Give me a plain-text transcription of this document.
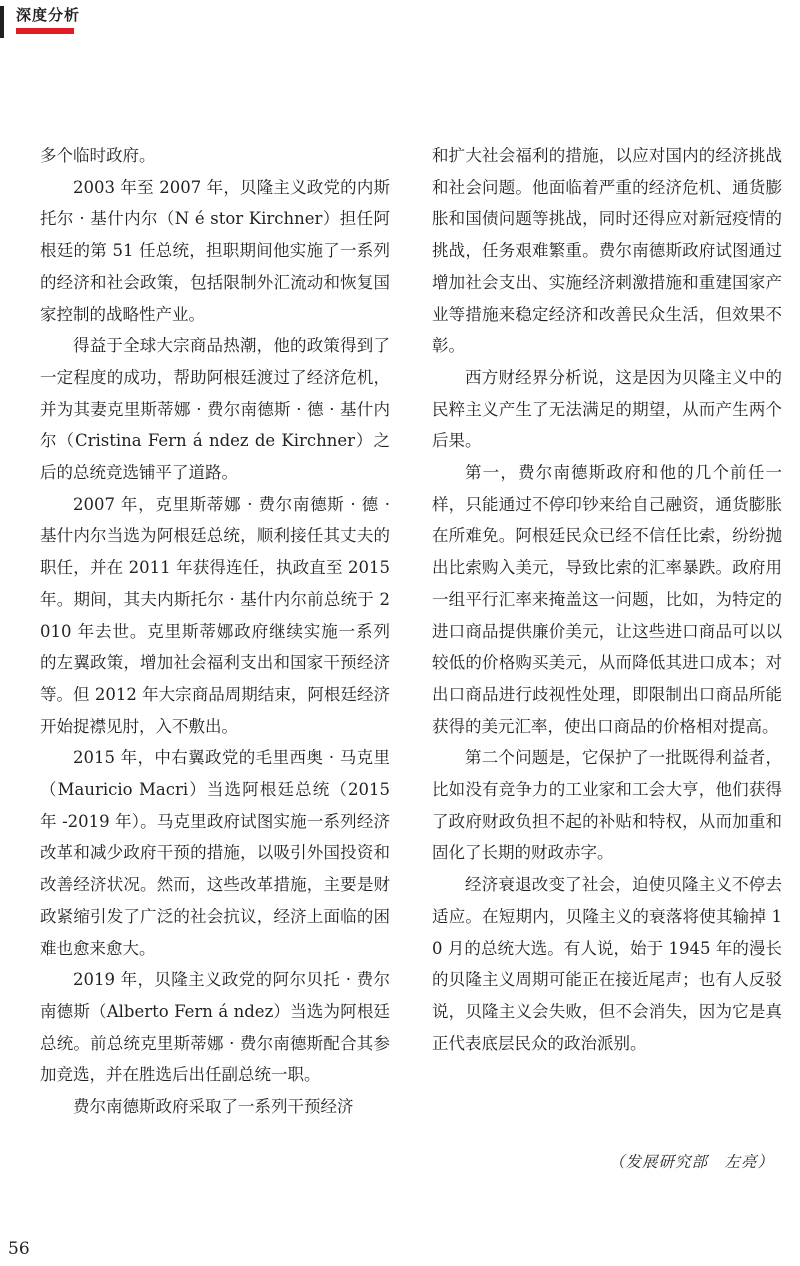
深度分析

多个临时政府。

2003 年至 2007 年，贝隆主义政党的内斯托尔 · 基什内尔（N é stor Kirchner）担任阿根廷的第 51 任总统，担职期间他实施了一系列的经济和社会政策，包括限制外汇流动和恢复国家控制的战略性产业。

得益于全球大宗商品热潮，他的政策得到了一定程度的成功，帮助阿根廷渡过了经济危机，并为其妻克里斯蒂娜 · 费尔南德斯 · 德 · 基什内尔（Cristina Fern á ndez de Kirchner）之后的总统竞选铺平了道路。

2007 年，克里斯蒂娜 · 费尔南德斯 · 德 · 基什内尔当选为阿根廷总统，顺利接任其丈夫的职任，并在 2011 年获得连任，执政直至 2015 年。期间，其夫内斯托尔 · 基什内尔前总统于 2010 年去世。克里斯蒂娜政府继续实施一系列的左翼政策，增加社会福利支出和国家干预经济等。但 2012 年大宗商品周期结束，阿根廷经济开始捉襟见肘，入不敷出。

2015 年，中右翼政党的毛里西奥 · 马克里（Mauricio Macri）当选阿根廷总统（2015 年 -2019 年）。马克里政府试图实施一系列经济改革和减少政府干预的措施，以吸引外国投资和改善经济状况。然而，这些改革措施，主要是财政紧缩引发了广泛的社会抗议，经济上面临的困难也愈来愈大。

2019 年，贝隆主义政党的阿尔贝托 · 费尔南德斯（Alberto Fern á ndez）当选为阿根廷总统。前总统克里斯蒂娜 · 费尔南德斯配合其参加竞选，并在胜选后出任副总统一职。

费尔南德斯政府采取了一系列干预经济

和扩大社会福利的措施，以应对国内的经济挑战和社会问题。他面临着严重的经济危机、通货膨胀和国债问题等挑战，同时还得应对新冠疫情的挑战，任务艰难繁重。费尔南德斯政府试图通过增加社会支出、实施经济刺激措施和重建国家产业等措施来稳定经济和改善民众生活，但效果不彰。

西方财经界分析说，这是因为贝隆主义中的民粹主义产生了无法满足的期望，从而产生两个后果。

第一，费尔南德斯政府和他的几个前任一样，只能通过不停印钞来给自己融资，通货膨胀在所难免。阿根廷民众已经不信任比索，纷纷抛出比索购入美元，导致比索的汇率暴跌。政府用一组平行汇率来掩盖这一问题，比如，为特定的进口商品提供廉价美元，让这些进口商品可以以较低的价格购买美元，从而降低其进口成本；对出口商品进行歧视性处理，即限制出口商品所能获得的美元汇率，使出口商品的价格相对提高。

第二个问题是，它保护了一批既得利益者，比如没有竞争力的工业家和工会大亨，他们获得了政府财政负担不起的补贴和特权，从而加重和固化了长期的财政赤字。

经济衰退改变了社会，迫使贝隆主义不停去适应。在短期内，贝隆主义的衰落将使其输掉 10 月的总统大选。有人说，始于 1945 年的漫长的贝隆主义周期可能正在接近尾声；也有人反驳说，贝隆主义会失败，但不会消失，因为它是真正代表底层民众的政治派别。

（发展研究部　左亮）
56
